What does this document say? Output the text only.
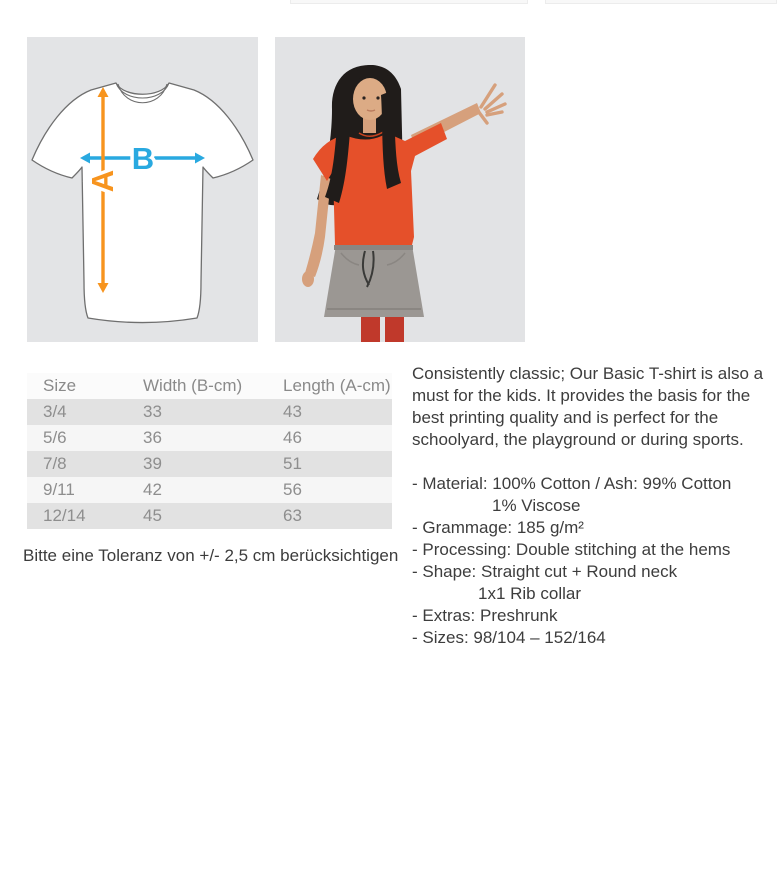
B
A
Size	Width (B-cm)	Length (A-cm)
3/4	33	43
5/6	36	46
7/8	39	51
9/11	42	56
12/14	45	63
Bitte eine Toleranz von +/- 2,5 cm berücksichtigen
Consistently classic; Our Basic T-shirt is also a
must for the kids. It provides the basis for the
best printing quality and is perfect for the
schoolyard, the playground or during sports.
- Material: 100% Cotton / Ash: 99% Cotton
1% Viscose
- Grammage: 185 g/m²
- Processing: Double stitching at the hems
- Shape: Straight cut + Round neck
1x1 Rib collar
- Extras: Preshrunk
- Sizes: 98/104 – 152/164
